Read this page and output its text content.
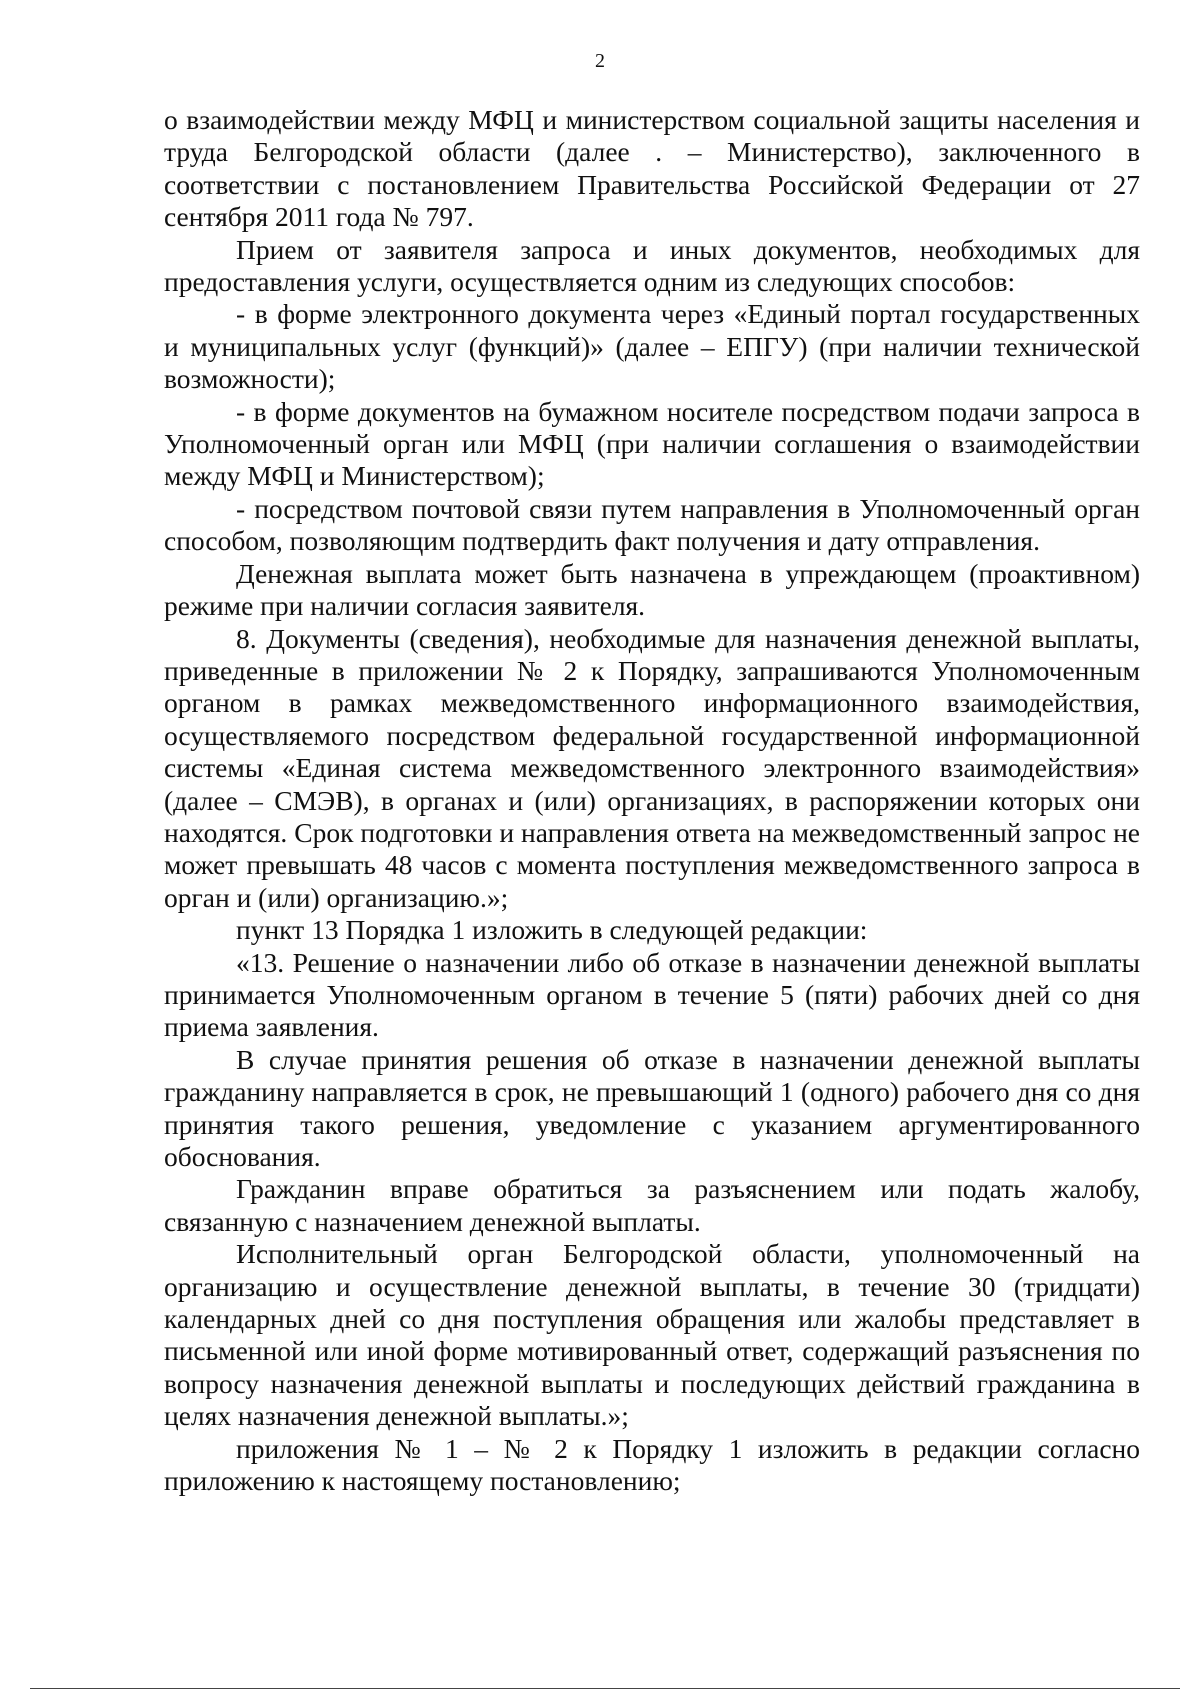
2

о взаимодействии между МФЦ и министерством социальной защиты населения и труда Белгородской области (далее . – Министерство), заключенного в соответствии с постановлением Правительства Российской Федерации от 27 сентября 2011 года № 797.

Прием от заявителя запроса и иных документов, необходимых для предоставления услуги, осуществляется одним из следующих способов:

- в форме электронного документа через «Единый портал государственных и муниципальных услуг (функций)» (далее – ЕПГУ) (при наличии технической возможности);

- в форме документов на бумажном носителе посредством подачи запроса в Уполномоченный орган или МФЦ (при наличии соглашения о взаимодействии между МФЦ и Министерством);

- посредством почтовой связи путем направления в Уполномоченный орган способом, позволяющим подтвердить факт получения и дату отправления.

Денежная выплата может быть назначена в упреждающем (проактивном) режиме при наличии согласия заявителя.

8. Документы (сведения), необходимые для назначения денежной выплаты, приведенные в приложении № 2 к Порядку, запрашиваются Уполномоченным органом в рамках межведомственного информационного взаимодействия, осуществляемого посредством федеральной государственной информационной системы «Единая система межведомственного электронного взаимодействия» (далее – СМЭВ), в органах и (или) организациях, в распоряжении которых они находятся. Срок подготовки и направления ответа на межведомственный запрос не может превышать 48 часов с момента поступления межведомственного запроса в орган и (или) организацию.»;

пункт 13 Порядка 1 изложить в следующей редакции:

«13. Решение о назначении либо об отказе в назначении денежной выплаты принимается Уполномоченным органом в течение 5 (пяти) рабочих дней со дня приема заявления.

В случае принятия решения об отказе в назначении денежной выплаты гражданину направляется в срок, не превышающий 1 (одного) рабочего дня со дня принятия такого решения, уведомление с указанием аргументированного обоснования.

Гражданин вправе обратиться за разъяснением или подать жалобу, связанную с назначением денежной выплаты.

Исполнительный орган Белгородской области, уполномоченный на организацию и осуществление денежной выплаты, в течение 30 (тридцати) календарных дней со дня поступления обращения или жалобы представляет в письменной или иной форме мотивированный ответ, содержащий разъяснения по вопросу назначения денежной выплаты и последующих действий гражданина в целях назначения денежной выплаты.»;

приложения № 1 – № 2 к Порядку 1 изложить в редакции согласно приложению к настоящему постановлению;
